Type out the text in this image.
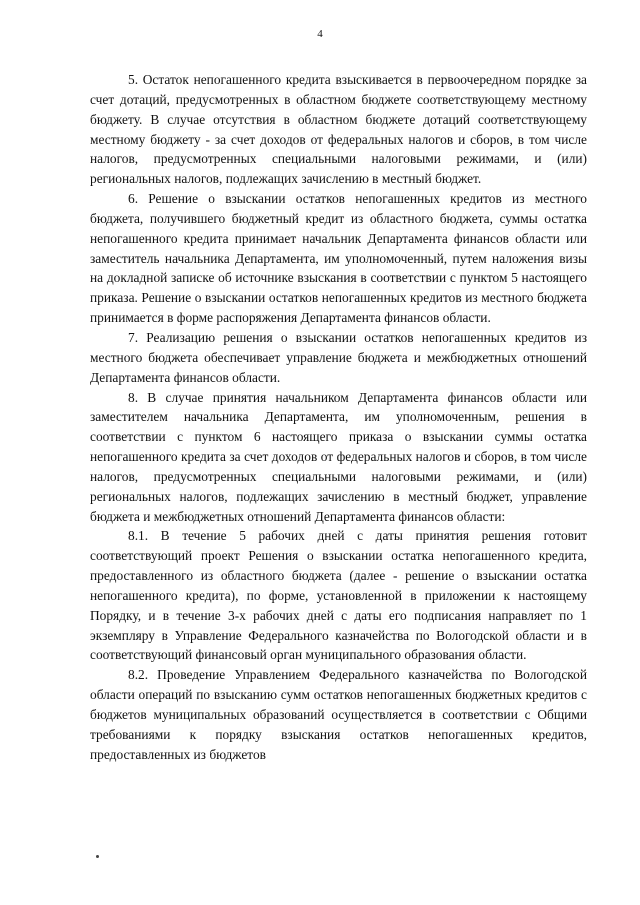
4

5. Остаток непогашенного кредита взыскивается в первоочередном порядке за счет дотаций, предусмотренных в областном бюджете соответствующему местному бюджету. В случае отсутствия в областном бюджете дотаций соответствующему местному бюджету - за счет доходов от федеральных налогов и сборов, в том числе налогов, предусмотренных специальными налоговыми режимами, и (или) региональных налогов, подлежащих зачислению в местный бюджет.

6. Решение о взыскании остатков непогашенных кредитов из местного бюджета, получившего бюджетный кредит из областного бюджета, суммы остатка непогашенного кредита принимает начальник Департамента финансов области или заместитель начальника Департамента, им уполномоченный, путем наложения визы на докладной записке об источнике взыскания в соответствии с пунктом 5 настоящего приказа. Решение о взыскании остатков непогашенных кредитов из местного бюджета принимается в форме распоряжения Департамента финансов области.

7. Реализацию решения о взыскании остатков непогашенных кредитов из местного бюджета обеспечивает управление бюджета и межбюджетных отношений Департамента финансов области.

8. В случае принятия начальником Департамента финансов области или заместителем начальника Департамента, им уполномоченным, решения в соответствии с пунктом 6 настоящего приказа о взыскании суммы остатка непогашенного кредита за счет доходов от федеральных налогов и сборов, в том числе налогов, предусмотренных специальными налоговыми режимами, и (или) региональных налогов, подлежащих зачислению в местный бюджет, управление бюджета и межбюджетных отношений Департамента финансов области:

8.1. В течение 5 рабочих дней с даты принятия решения готовит соответствующий проект Решения о взыскании остатка непогашенного кредита, предоставленного из областного бюджета (далее - решение о взыскании остатка непогашенного кредита), по форме, установленной в приложении к настоящему Порядку, и в течение 3-х рабочих дней с даты его подписания направляет по 1 экземпляру в Управление Федерального казначейства по Вологодской области и в соответствующий финансовый орган муниципального образования области.

8.2. Проведение Управлением Федерального казначейства по Вологодской области операций по взысканию сумм остатков непогашенных бюджетных кредитов с бюджетов муниципальных образований осуществляется в соответствии с Общими требованиями к порядку взыскания остатков непогашенных кредитов, предоставленных из бюджетов
